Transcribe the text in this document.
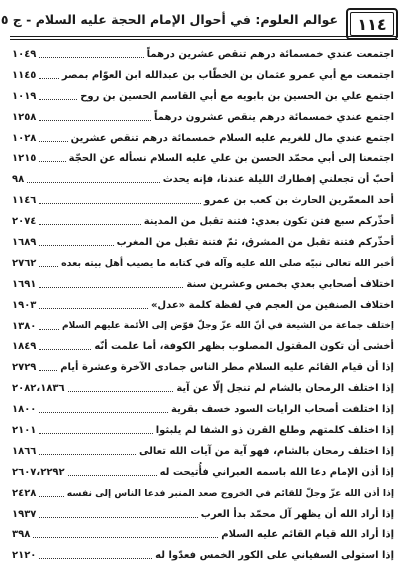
١١٤
عوالم العلوم: في أحوال الإمام الحجة عليه السلام - ج ٥
اجتمعت عندي خمسمائة درهم تنقص عشرين درهماً
١٠٤٩
اجتمعت مع أبي عمرو عثمان بن الخطّاب بن عبدالله ابن العوّام بمصر
١١٤٥
اجتمع علي بن الحسين بن بابويه مع أبي القاسم الحسين بن روح
١٠١٩
اجتمع عندي خمسمائة درهم ينقص عشرون درهماً
١٢٥٨
اجتمع عندي مال للغريم عليه السلام خمسمائة درهم تنقص عشرين
١٠٢٨
اجتمعنا إلى أبي محمّد الحسن بن علي عليه السلام نسأله عن الحجّة
١٢١٥
أحبّ أن تجعلني إفطارك الليلة عندنا، فإنه يحدث
٩٨
أحد المعمّرين الحارث بن كعب بن عمرو
١١٤٦
أحذّركم سبع فتن تكون بعدي: فتنة تقبل من المدينة
٢٠٧٤
أحذّركم فتنة تقبل من المشرق، ثمّ فتنة تقبل من المغرب
١٦٨٩
أخبر الله تعالى نبيّه صلى الله عليه وآله في كتابه ما يصيب أهل بيته بعده
٢٧٦٢
اختلاف أصحابي بعدي بخمس وعشرين سنة
١٦٩١
اختلاف الصنفين من العجم في لفظة كلمة «عدل»
١٩٠٣
إختلف جماعة من الشيعة في أنّ الله عزّ وجلّ فوّض إلى الأئمة عليهم السلام
١٣٨٠
أخشى أن تكون المقتول المصلوب بظهر الكوفة، أما علمت أنّه
١٨٤٩
إذا أن قيام القائم عليه السلام مطر الناس جمادى الآخرة وعشرة أيام
٢٧٢٩
إذا اختلف الرمحان بالشام لم تنجل إلّا عن آية
٢٠٨٢،١٨٣٦
إذا اختلفت أصحاب الرايات السود خسف بقرية
١٨٠٠
إذا اختلف كلمتهم وطلع القرن ذو الشفا لم يلبثوا
٢١٠١
إذا اختلف رمحان بالشام، فهو آية من آيات الله تعالى
١٨٦٦
إذا أذن الإمام دعا الله باسمه العبراني فأُتيحت له
٢٦٠٧،٢٢٩٢
إذا أذن الله عزّ وجلّ للقائم في الخروج صعد المنبر فدعا الناس إلى نفسه
٢٤٢٨
إذا أراد الله أن يظهر آل محمّد بدأ العرب
١٩٣٧
إذا أراد الله قيام القائم عليه السلام
٣٩٨
إذا استولى السفياني على الكور الخمس فعدّوا له
٢١٢٠
